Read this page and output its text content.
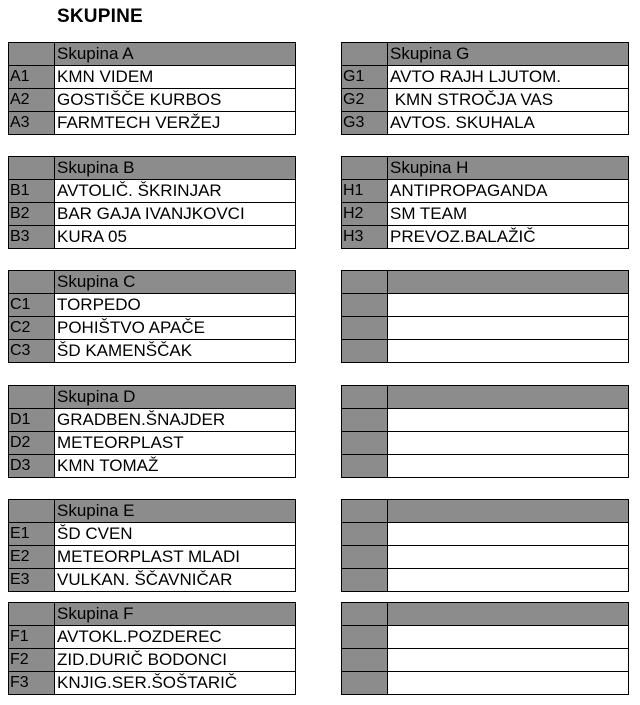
SKUPINE
	Skupina A
A1	KMN VIDEM
A2	GOSTIŠČE KURBOS
A3	FARMTECH VERŽEJ
	Skupina B
B1	AVTOLIČ. ŠKRINJAR
B2	BAR GAJA IVANJKOVCI
B3	KURA 05
	Skupina C
C1	TORPEDO
C2	POHIŠTVO APAČE
C3	ŠD KAMENŠČAK
	Skupina D
D1	GRADBEN.ŠNAJDER
D2	METEORPLAST
D3	KMN TOMAŽ
	Skupina E
E1	ŠD CVEN
E2	METEORPLAST MLADI
E3	VULKAN. ŠČAVNIČAR
	Skupina F
F1	AVTOKL.POZDEREC
F2	ZID.DURIČ BODONCI
F3	KNJIG.SER.ŠOŠTARIČ
	Skupina G
G1	AVTO RAJH LJUTOM.
G2	KMN STROČJA VAS
G3	AVTOS. SKUHALA
	Skupina H
H1	ANTIPROPAGANDA
H2	SM TEAM
H3	PREVOZ.BALAŽIČ
